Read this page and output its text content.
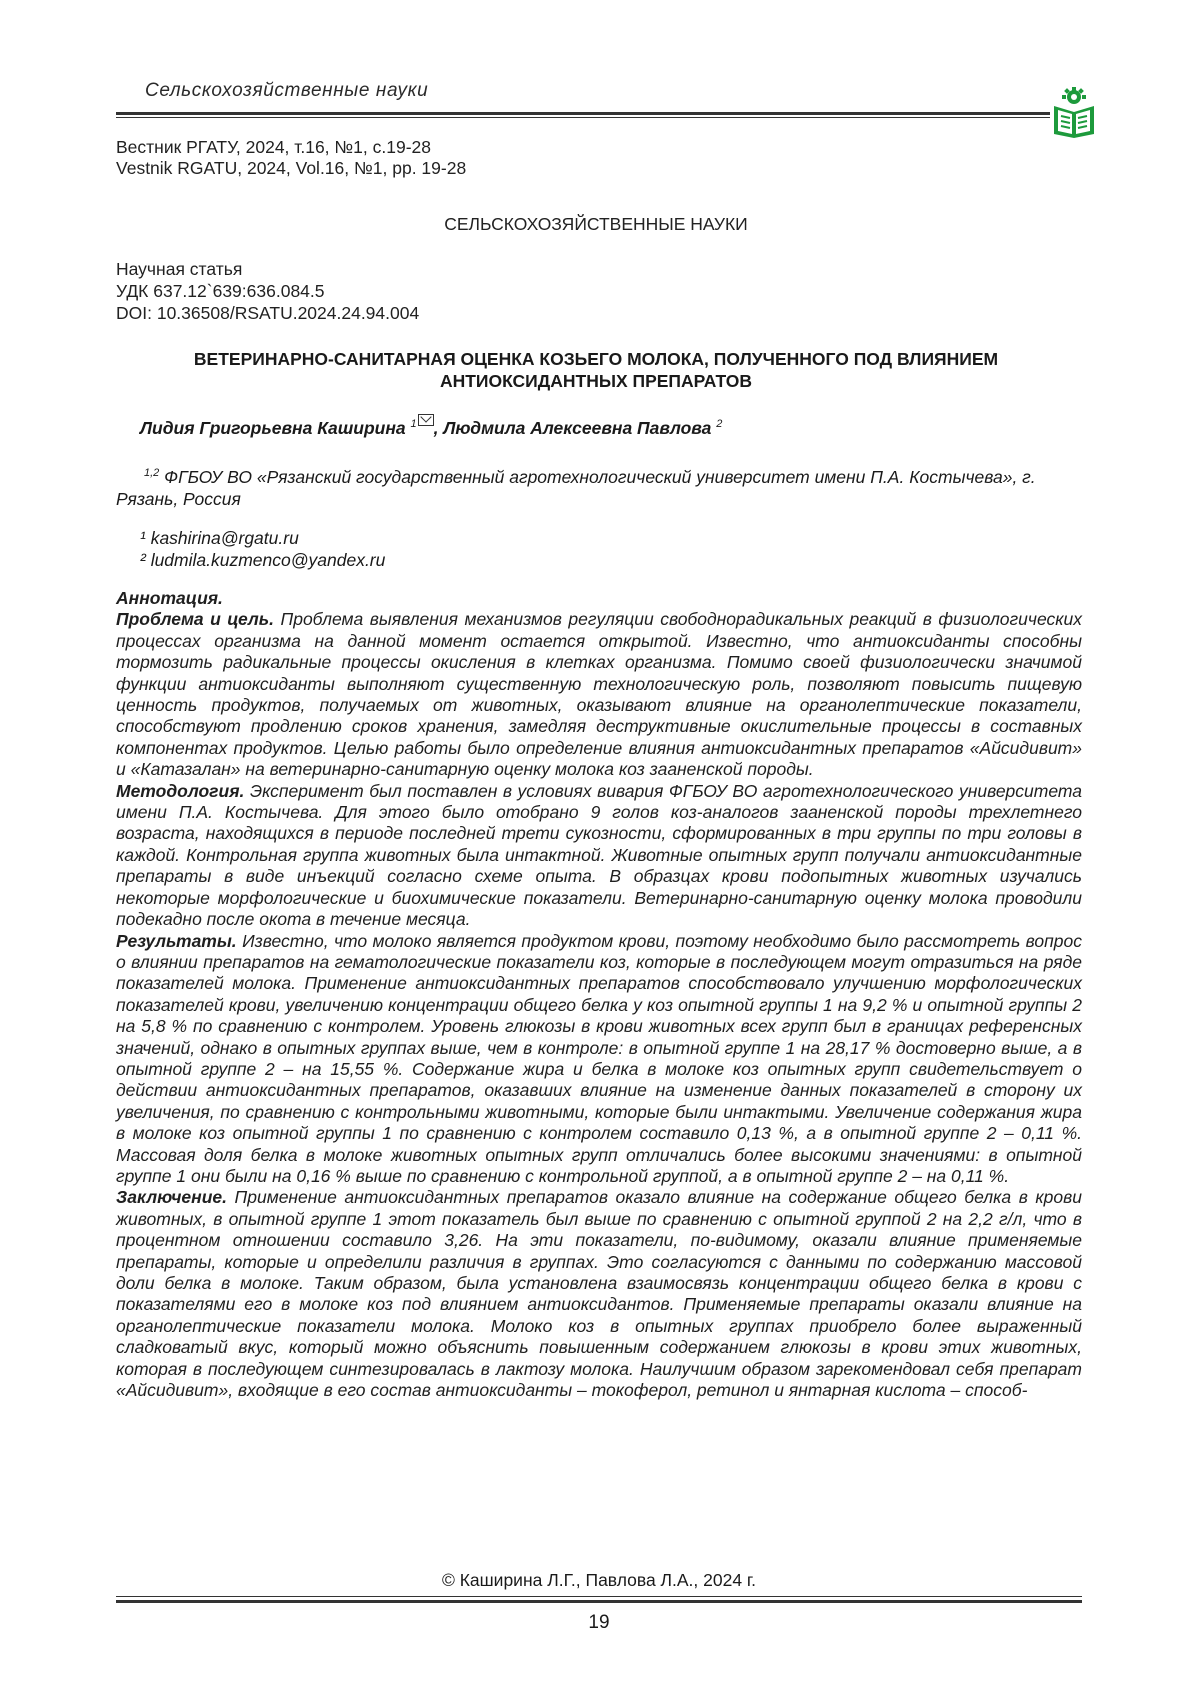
Сельскохозяйственные науки
Вестник РГАТУ, 2024, т.16, №1, с.19-28
Vestnik RGATU, 2024, Vol.16, №1, pp. 19-28
СЕЛЬСКОХОЗЯЙСТВЕННЫЕ НАУКИ
Научная статья
УДК 637.12`639:636.084.5
DOI: 10.36508/RSATU.2024.24.94.004
ВЕТЕРИНАРНО-САНИТАРНАЯ ОЦЕНКА КОЗЬЕГО МОЛОКА, ПОЛУЧЕННОГО ПОД ВЛИЯНИЕМ
АНТИОКСИДАНТНЫХ ПРЕПАРАТОВ
Лидия Григорьевна Каширина $^1$ , Людмила Алексеевна Павлова $^2$
$^{1,2}$ ФГБОУ ВО «Рязанский государственный агротехнологический университет имени П.А. Костычева», г. Рязань, Россия
¹ kashirina@rgatu.ru
² ludmila.kuzmenco@yandex.ru

Аннотация.

Проблема и цель. Проблема выявления механизмов регуляции свободнорадикальных реакций в физиологических процессах организма на данной момент остается открытой. Известно, что антиоксиданты способны тормозить радикальные процессы окисления в клетках организма. Помимо своей физиологически значимой функции антиоксиданты выполняют существенную технологическую роль, позволяют повысить пищевую ценность продуктов, получаемых от животных, оказывают влияние на органолептические показатели, способствуют продлению сроков хранения, замедляя деструктивные окислительные процессы в составных компонентах продуктов. Целью работы было определение влияния антиоксидантных препаратов «Айсидивит» и «Катазалан» на ветеринарно-санитарную оценку молока коз зааненской породы.

Методология. Эксперимент был поставлен в условиях вивария ФГБОУ ВО агротехнологического университета имени П.А. Костычева. Для этого было отобрано 9 голов коз-аналогов зааненской породы трехлетнего возраста, находящихся в периоде последней трети сукозности, сформированных в три группы по три головы в каждой. Контрольная группа животных была интактной. Животные опытных групп получали антиоксидантные препараты в виде инъекций согласно схеме опыта. В образцах крови подопытных животных изучались некоторые морфологические и биохимические показатели. Ветеринарно-санитарную оценку молока проводили подекадно после окота в течение месяца.

Результаты. Известно, что молоко является продуктом крови, поэтому необходимо было рассмотреть вопрос о влиянии препаратов на гематологические показатели коз, которые в последующем могут отразиться на ряде показателей молока. Применение антиоксидантных препаратов способствовало улучшению морфологических показателей крови, увеличению концентрации общего белка у коз опытной группы 1 на 9,2 % и опытной группы 2 на 5,8 % по сравнению с контролем. Уровень глюкозы в крови животных всех групп был в границах референсных значений, однако в опытных группах выше, чем в контроле: в опытной группе 1 на 28,17 % достоверно выше, а в опытной группе 2 – на 15,55 %. Содержание жира и белка в молоке коз опытных групп свидетельствует о действии антиоксидантных препаратов, оказавших влияние на изменение данных показателей в сторону их увеличения, по сравнению с контрольными животными, которые были интактыми. Увеличение содержания жира в молоке коз опытной группы 1 по сравнению с контролем составило 0,13 %, а в опытной группе 2 – 0,11 %. Массовая доля белка в молоке животных опытных групп отличались более высокими значениями: в опытной группе 1 они были на 0,16 % выше по сравнению с контрольной группой, а в опытной группе 2 – на 0,11 %.

Заключение. Применение антиоксидантных препаратов оказало влияние на содержание общего белка в крови животных, в опытной группе 1 этот показатель был выше по сравнению с опытной группой 2 на 2,2 г/л, что в процентном отношении составило 3,26. На эти показатели, по-видимому, оказали влияние применяемые препараты, которые и определили различия в группах. Это согласуются с данными по содержанию массовой доли белка в молоке. Таким образом, была установлена взаимосвязь концентрации общего белка в крови с показателями его в молоке коз под влиянием антиоксидантов. Применяемые препараты оказали влияние на органолептические показатели молока. Молоко коз в опытных группах приобрело более выраженный сладковатый вкус, который можно объяснить повышенным содержанием глюкозы в крови этих животных, которая в последующем синтезировалась в лактозу молока. Наилучшим образом зарекомендовал себя препарат «Айсидивит», входящие в его состав антиоксиданты – токоферол, ретинол и янтарная кислота – способ-

© Каширина Л.Г., Павлова Л.А., 2024 г.
19
